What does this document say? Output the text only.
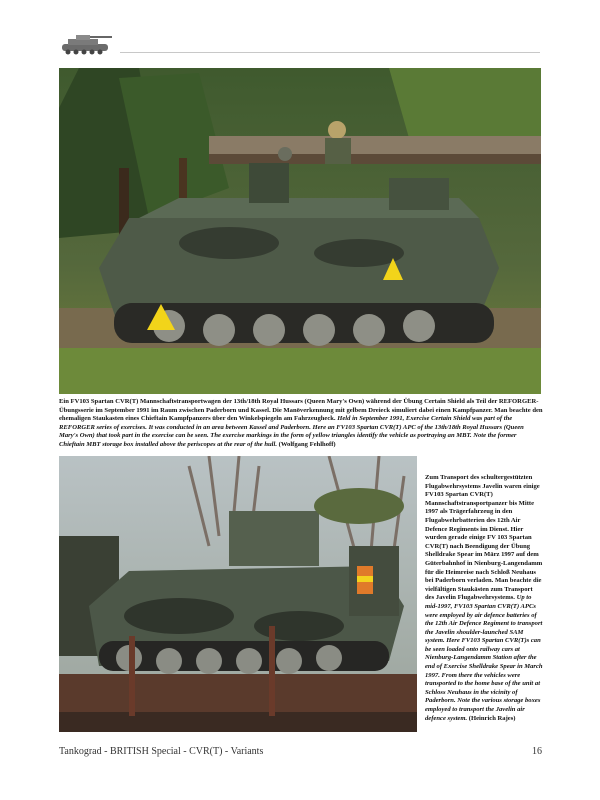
Ein FV103 Spartan CVR(T) Mannschaftstransportwagen der 13th/18th Royal Hussars (Queen Mary's Own) während der Übung Certain Shield als Teil der REFORGER-Übungsserie im September 1991 im Raum zwischen Paderborn und Kassel. Die Manöverkennung mit gelbem Dreieck simuliert dabei einen Kampfpanzer. Man beachte den ehemaligen Staukasten eines Chieftain Kampfpanzers über den Winkelspiegeln am Fahrzeugheck. Held in September 1991, Exercise Certain Shield was part of the REFORGER series of exercises. It was conducted in an area between Kassel and Paderborn. Here an FV103 Spartan CVR(T) APC of the 13th/18th Royal Hussars (Queen Mary's Own) that took part in the exercise can be seen. The exercise markings in the form of yellow triangles identify the vehicle as portraying an MBT. Note the former Chieftain MBT storage box installed above the periscopes at the rear of the hull. (Wolfgang Fehlhoff)
Zum Transport des schultergestützten Flugabwehrsystems Javelin waren einige FV103 Spartan CVR(T) Mannschaftstransportpanzer bis Mitte 1997 als Trägerfahrzeug in den Flugabwehrbatterien des 12th Air Defence Regiments im Dienst. Hier wurden gerade einige FV 103 Spartan CVR(T) nach Beendigung der Übung Shelldrake Spear im März 1997 auf dem Güterbahnhof in Nienburg-Langendamm für die Heimreise nach Schloß Neuhaus bei Paderborn verladen. Man beachte die vielfältigen Staukästen zum Transport des Javelin Flugabwehrsystems. Up to mid-1997, FV103 Spartan CVR(T) APCs were employed by air defence batteries of the 12th Air Defence Regiment to transport the Javelin shoulder-launched SAM system. Here FV103 Spartan CVR(T)s can be seen loaded onto railway cars at Nienburg-Langendamm Station after the end of Exercise Shelldrake Spear in March 1997. From there the vehicles were transported to the home base of the unit at Schloss Neuhaus in the vicinity of Paderborn. Note the various storage boxes employed to transport the Javelin air defence system. (Heinrich Rajes)
Tankograd - BRITISH Special - CVR(T) - Variants	16
